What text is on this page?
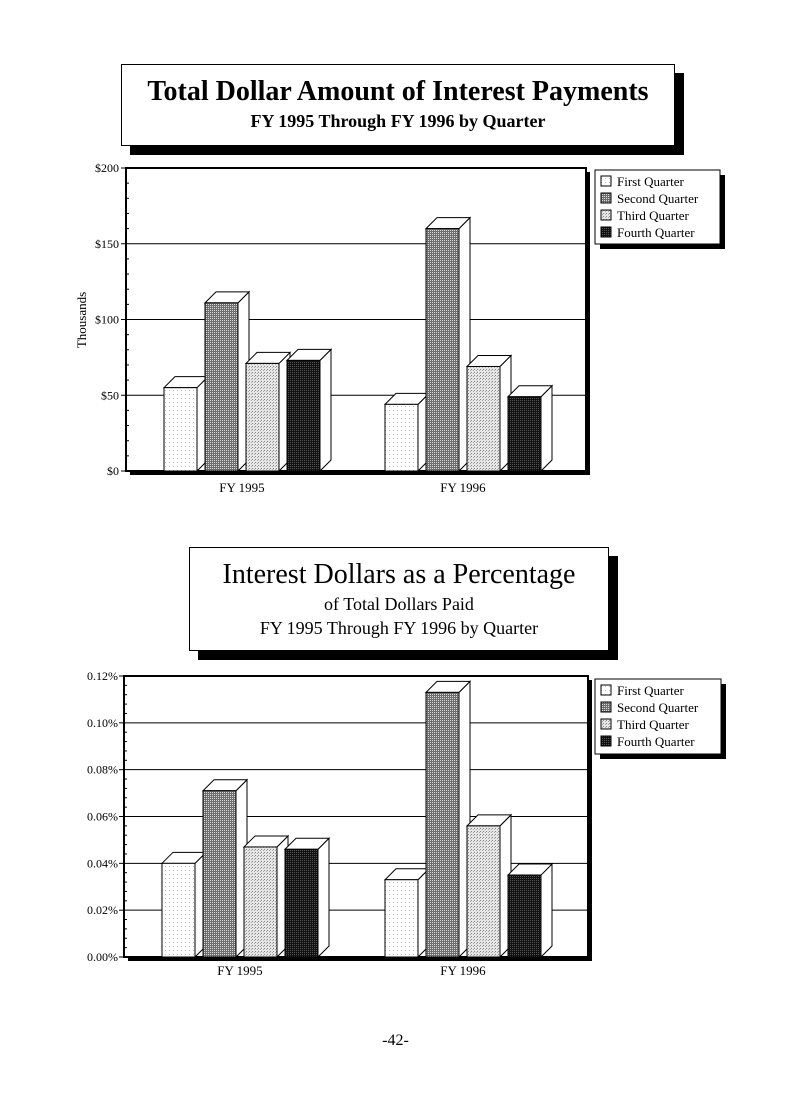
Total Dollar Amount of Interest Payments
FY 1995 Through FY 1996 by Quarter
Interest Dollars as a Percentage
of Total Dollars Paid
FY 1995 Through FY 1996 by Quarter
$0
$50
$100
$150
$200
Thousands
FY 1995	FY 1996
First Quarter
Second Quarter
Third Quarter
Fourth Quarter
0.00%
0.02%
0.04%
0.06%
0.08%
0.10%
0.12%
FY 1995	FY 1996
First Quarter
Second Quarter
Third Quarter
Fourth Quarter
-42-
